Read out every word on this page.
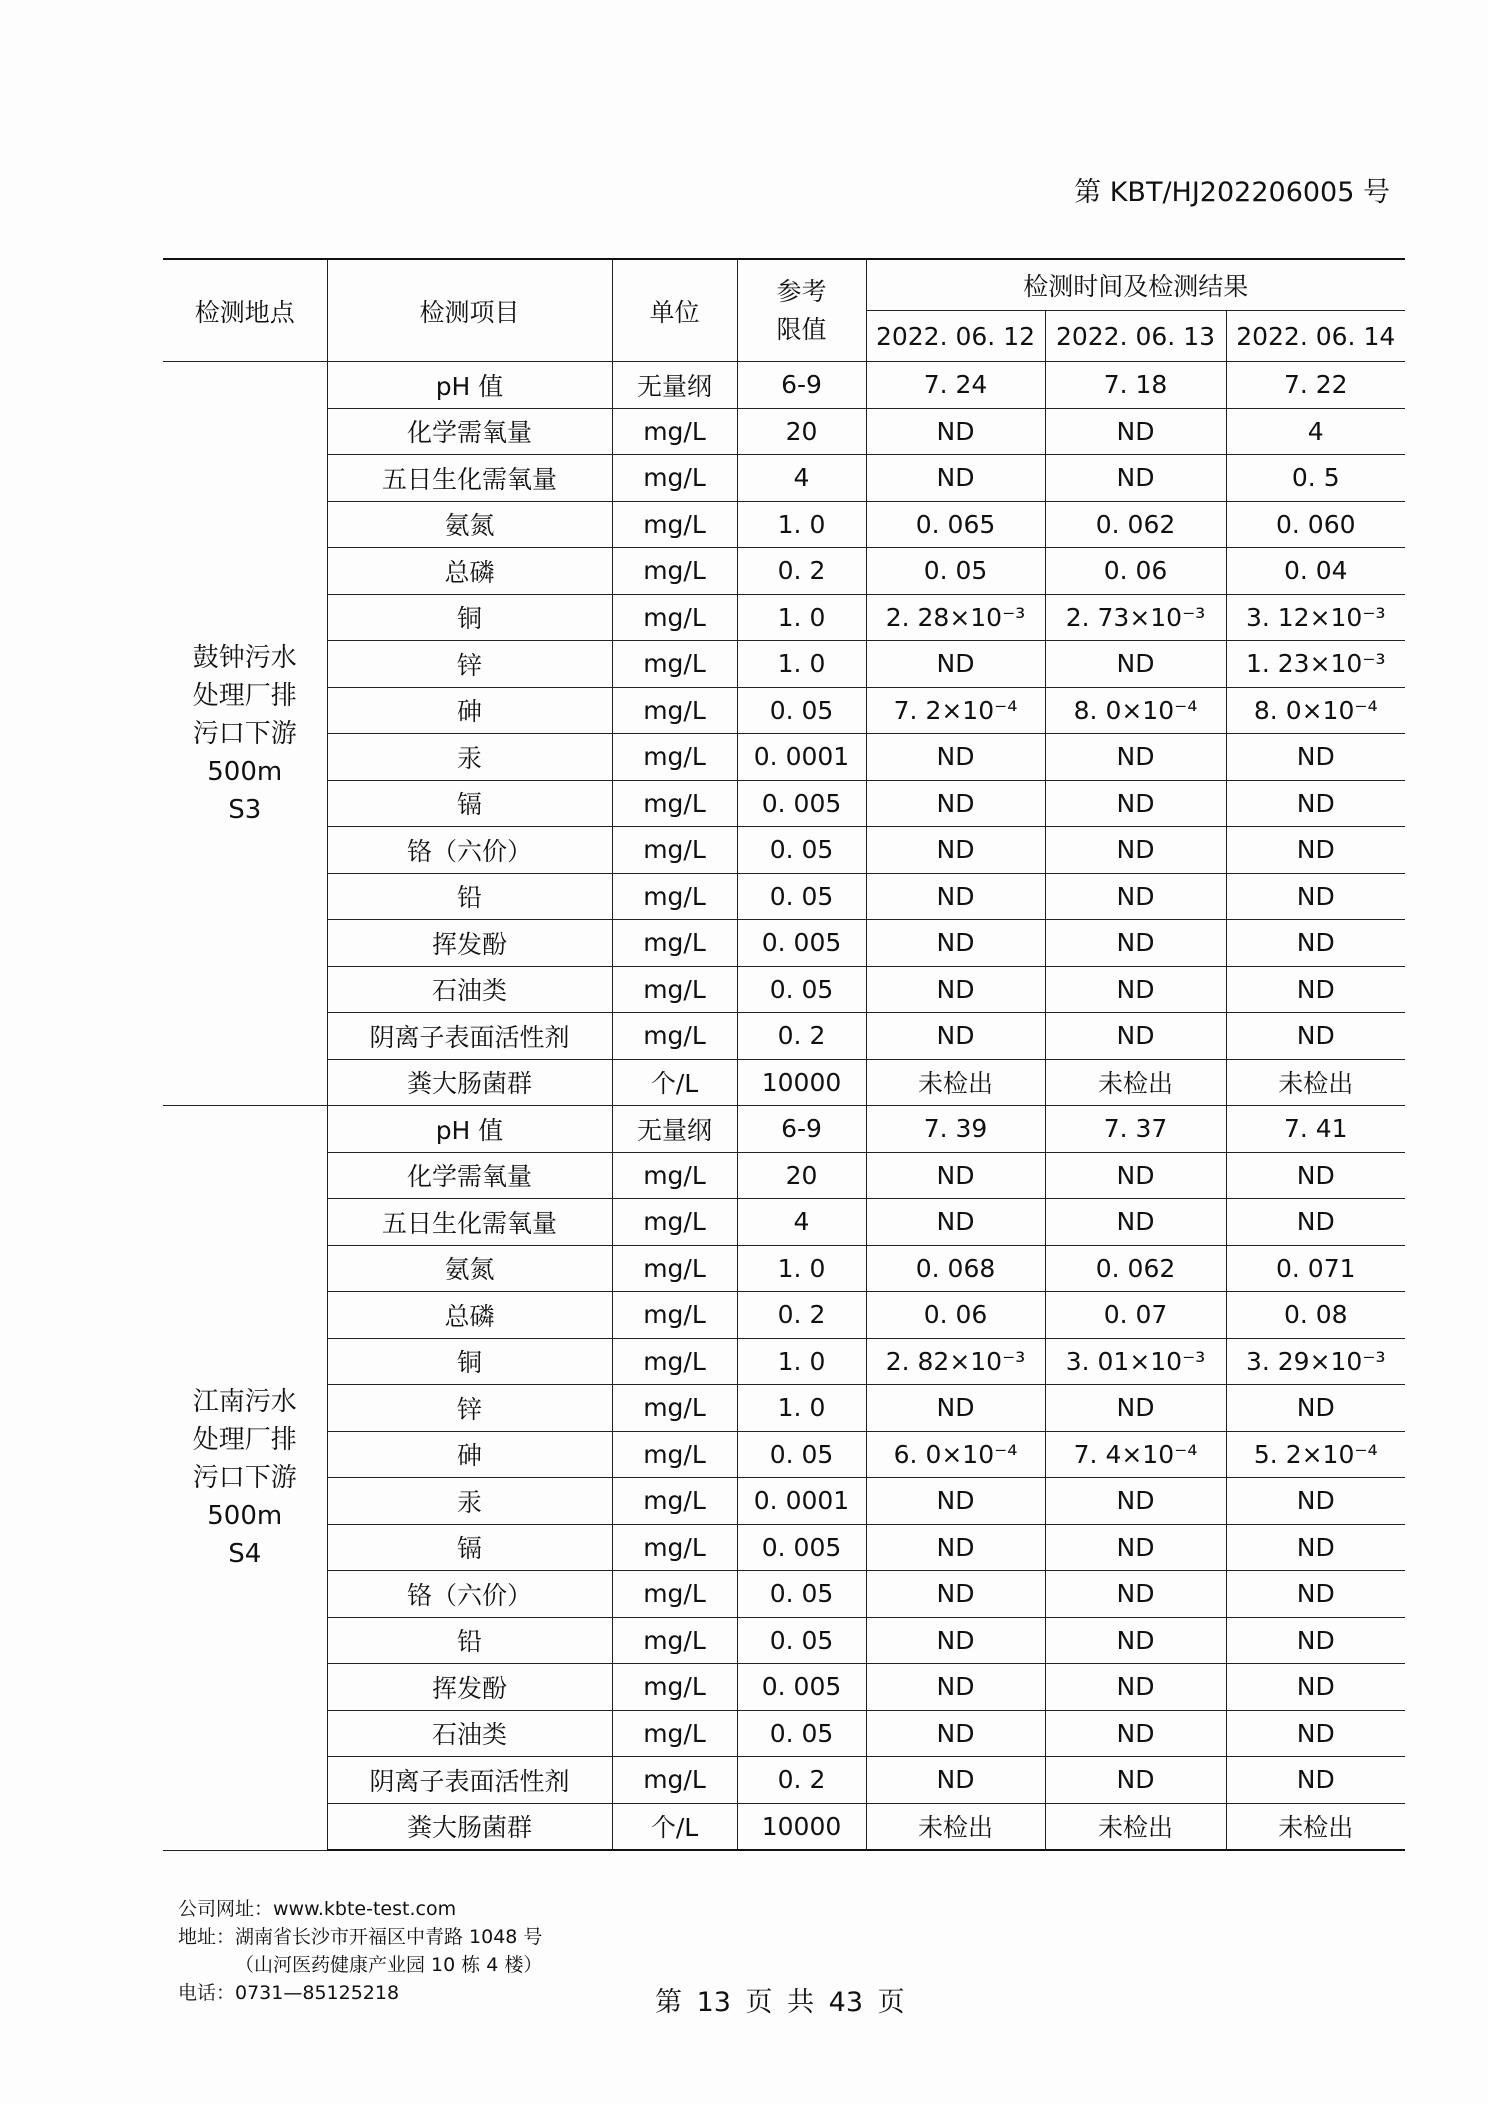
第 KBT/HJ202206005 号
检测地点	检测项目	单位	参考限值	检测时间及检测结果		
				2022. 06. 12	2022. 06. 13	2022. 06. 14

鼓钟污水
处理厂排
污口下游
500m
S3	pH 值	无量纲	6-9	7. 24	7. 18	7. 22
	化学需氧量	mg/L	20	ND	ND	4
	五日生化需氧量	mg/L	4	ND	ND	0. 5
	氨氮	mg/L	1. 0	0. 065	0. 062	0. 060
	总磷	mg/L	0. 2	0. 05	0. 06	0. 04
	铜	mg/L	1. 0	2. 28×10⁻³	2. 73×10⁻³	3. 12×10⁻³
	锌	mg/L	1. 0	ND	ND	1. 23×10⁻³
	砷	mg/L	0. 05	7. 2×10⁻⁴	8. 0×10⁻⁴	8. 0×10⁻⁴
	汞	mg/L	0. 0001	ND	ND	ND
	镉	mg/L	0. 005	ND	ND	ND
	铬（六价）	mg/L	0. 05	ND	ND	ND
	铅	mg/L	0. 05	ND	ND	ND
	挥发酚	mg/L	0. 005	ND	ND	ND
	石油类	mg/L	0. 05	ND	ND	ND
	阴离子表面活性剂	mg/L	0. 2	ND	ND	ND
	粪大肠菌群	个/L	10000	未检出	未检出	未检出

江南污水
处理厂排
污口下游
500m
S4	pH 值	无量纲	6-9	7. 39	7. 37	7. 41
	化学需氧量	mg/L	20	ND	ND	ND
	五日生化需氧量	mg/L	4	ND	ND	ND
	氨氮	mg/L	1. 0	0. 068	0. 062	0. 071
	总磷	mg/L	0. 2	0. 06	0. 07	0. 08
	铜	mg/L	1. 0	2. 82×10⁻³	3. 01×10⁻³	3. 29×10⁻³
	锌	mg/L	1. 0	ND	ND	ND
	砷	mg/L	0. 05	6. 0×10⁻⁴	7. 4×10⁻⁴	5. 2×10⁻⁴
	汞	mg/L	0. 0001	ND	ND	ND
	镉	mg/L	0. 005	ND	ND	ND
	铬（六价）	mg/L	0. 05	ND	ND	ND
	铅	mg/L	0. 05	ND	ND	ND
	挥发酚	mg/L	0. 005	ND	ND	ND
	石油类	mg/L	0. 05	ND	ND	ND
	阴离子表面活性剂	mg/L	0. 2	ND	ND	ND
	粪大肠菌群	个/L	10000	未检出	未检出	未检出
公司网址：www.kbte-test.com
地址：湖南省长沙市开福区中青路 1048 号
（山河医药健康产业园 10 栋 4 楼）
电话：0731—85125218	第 13 页 共 43 页
